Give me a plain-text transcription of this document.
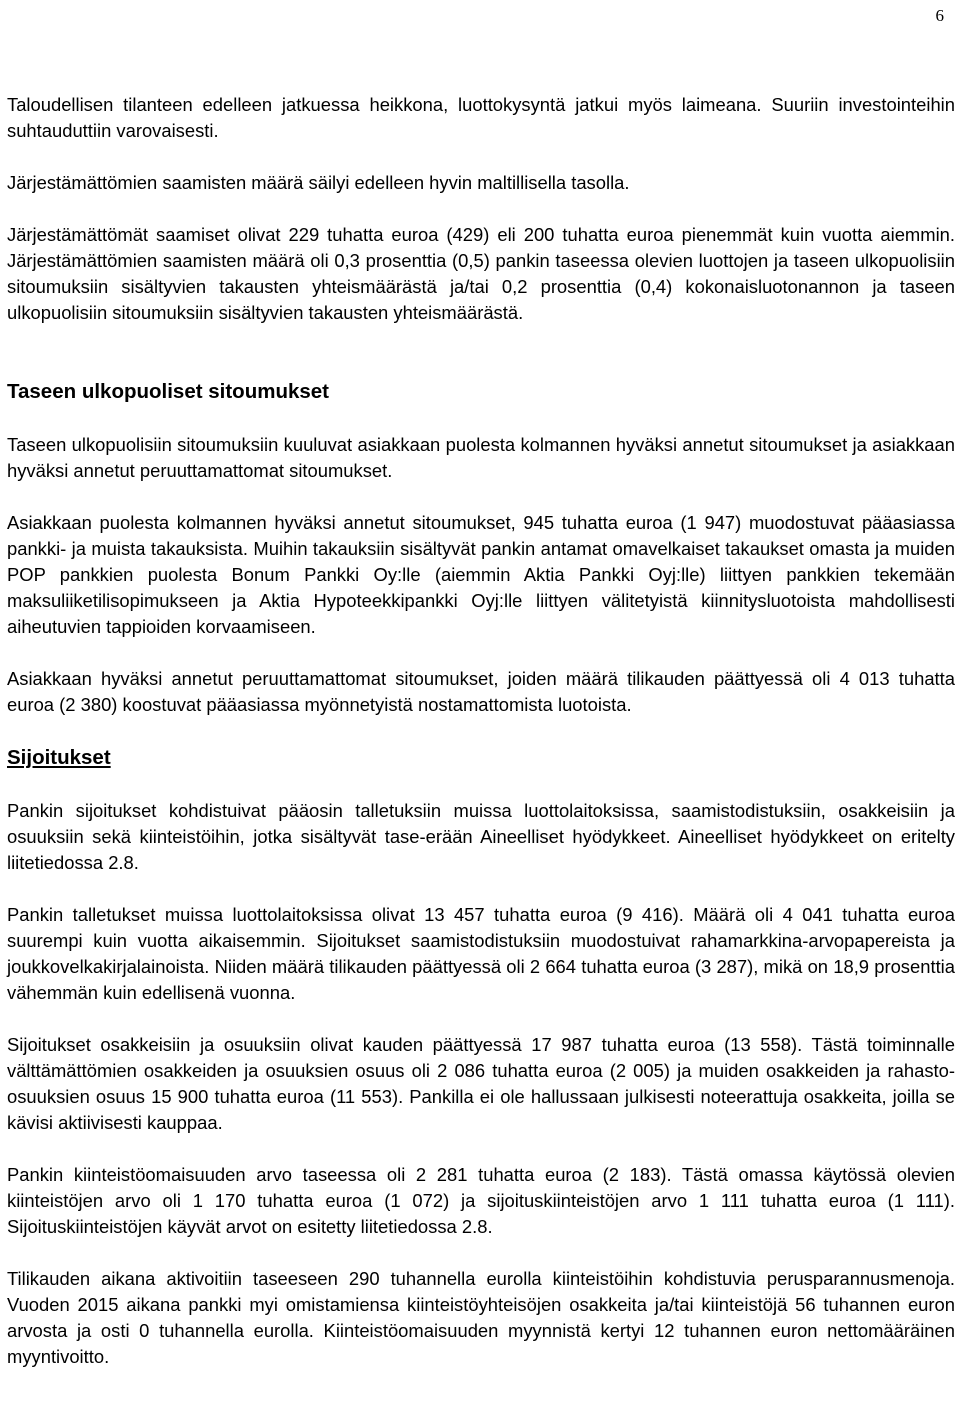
6

Taloudellisen tilanteen edelleen jatkuessa heikkona, luottokysyntä jatkui myös laimeana. Suuriin investointeihin suhtauduttiin varovaisesti.

Järjestämättömien saamisten määrä säilyi edelleen hyvin maltillisella tasolla.

Järjestämättömät saamiset olivat 229 tuhatta euroa (429) eli 200 tuhatta euroa pienemmät kuin vuotta aiemmin. Järjestämättömien saamisten määrä oli 0,3 prosenttia (0,5) pankin taseessa olevien luottojen ja taseen ulkopuolisiin sitoumuksiin sisältyvien takausten yhteismäärästä ja/tai 0,2 prosenttia (0,4) kokonaisluotonannon ja taseen ulkopuolisiin sitoumuksiin sisältyvien takausten yhteismäärästä.

Taseen ulkopuoliset sitoumukset

Taseen ulkopuolisiin sitoumuksiin kuuluvat asiakkaan puolesta kolmannen hyväksi annetut sitoumukset ja asiakkaan hyväksi annetut peruuttamattomat sitoumukset.

Asiakkaan puolesta kolmannen hyväksi annetut sitoumukset, 945 tuhatta euroa (1 947) muodostuvat pääasiassa pankki- ja muista takauksista. Muihin takauksiin sisältyvät pankin antamat omavelkaiset takaukset omasta ja muiden POP pankkien puolesta Bonum Pankki Oy:lle (aiemmin Aktia Pankki Oyj:lle) liittyen pankkien tekemään maksuliiketilisopimukseen ja Aktia Hypoteekkipankki Oyj:lle liittyen välitetyistä kiinnitysluotoista mahdollisesti aiheutuvien tappioiden korvaamiseen.

Asiakkaan hyväksi annetut peruuttamattomat sitoumukset, joiden määrä tilikauden päättyessä oli 4 013 tuhatta euroa (2 380) koostuvat pääasiassa myönnetyistä nostamattomista luotoista.

Sijoitukset

Pankin sijoitukset kohdistuivat pääosin talletuksiin muissa luottolaitoksissa, saamistodistuksiin, osakkeisiin ja osuuksiin sekä kiinteistöihin, jotka sisältyvät tase-erään Aineelliset hyödykkeet. Aineelliset hyödykkeet on eritelty liitetiedossa 2.8.

Pankin talletukset muissa luottolaitoksissa olivat 13 457 tuhatta euroa (9 416). Määrä oli 4 041 tuhatta euroa suurempi kuin vuotta aikaisemmin. Sijoitukset saamistodistuksiin muodostuivat rahamarkkina-arvopapereista ja joukkovelkakirjalainoista. Niiden määrä tilikauden päättyessä oli 2 664 tuhatta euroa (3 287), mikä on 18,9 prosenttia vähemmän kuin edellisenä vuonna.

Sijoitukset osakkeisiin ja osuuksiin olivat kauden päättyessä 17 987 tuhatta euroa (13 558). Tästä toiminnalle välttämättömien osakkeiden ja osuuksien osuus oli 2 086 tuhatta euroa (2 005) ja muiden osakkeiden ja rahasto-osuuksien osuus 15 900 tuhatta euroa (11 553). Pankilla ei ole hallussaan julkisesti noteerattuja osakkeita, joilla se kävisi aktiivisesti kauppaa.

Pankin kiinteistöomaisuuden arvo taseessa oli 2 281 tuhatta euroa (2 183). Tästä omassa käytössä olevien kiinteistöjen arvo oli 1 170 tuhatta euroa (1 072) ja sijoituskiinteistöjen arvo 1 111 tuhatta euroa (1 111). Sijoituskiinteistöjen käyvät arvot on esitetty liitetiedossa 2.8.

Tilikauden aikana aktivoitiin taseeseen 290 tuhannella eurolla kiinteistöihin kohdistuvia perusparannusmenoja. Vuoden 2015 aikana pankki myi omistamiensa kiinteistöyhteisöjen osakkeita ja/tai kiinteistöjä 56 tuhannen euron arvosta ja osti 0 tuhannella eurolla. Kiinteistöomaisuuden myynnistä kertyi 12 tuhannen euron nettomääräinen myyntivoitto.
